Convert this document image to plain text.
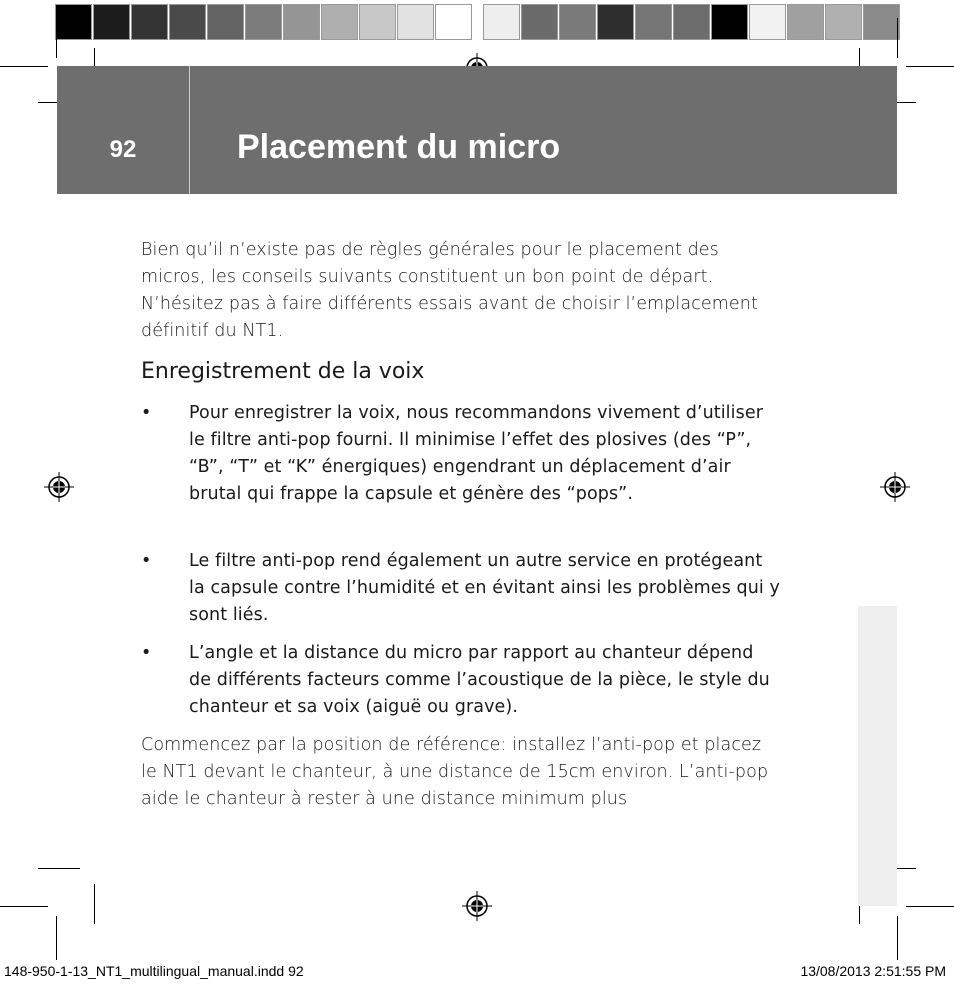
92	Placement du micro
Bien qu’il n’existe pas de règles générales pour le placement des micros, les conseils suivants constituent un bon point de départ. N’hésitez pas à faire différents essais avant de choisir l’emplacement définitif du NT1.
Enregistrement de la voix
•	Pour enregistrer la voix, nous recommandons vivement d’utiliser le filtre anti-pop fourni. Il minimise l’effet des plosives (des “P”, “B”, “T” et “K” énergiques) engendrant un déplacement d’air brutal qui frappe la capsule et génère des “pops”.
•	Le filtre anti-pop rend également un autre service en protégeant la capsule contre l’humidité et en évitant ainsi les problèmes qui y sont liés.
•	L’angle et la distance du micro par rapport au chanteur dépend de différents facteurs comme l’acoustique de la pièce, le style du chanteur et sa voix (aiguë ou grave).
Commencez par la position de référence: installez l’anti-pop et placez le NT1 devant le chanteur, à une distance de 15cm environ. L’anti-pop aide le chanteur à rester à une distance minimum plus
148-950-1-13_NT1_multilingual_manual.indd 92	13/08/2013 2:51:55 PM
